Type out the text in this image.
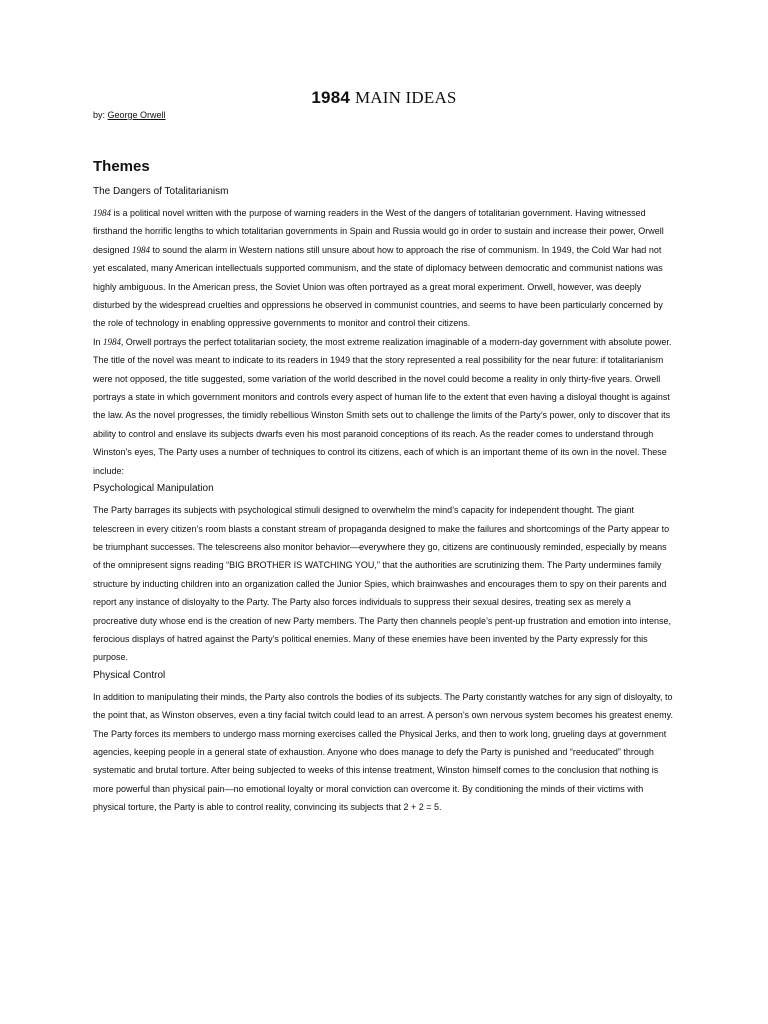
1984 MAIN IDEAS

by: George Orwell

Themes

The Dangers of Totalitarianism

1984 is a political novel written with the purpose of warning readers in the West of the dangers of totalitarian government. Having witnessed firsthand the horrific lengths to which totalitarian governments in Spain and Russia would go in order to sustain and increase their power, Orwell designed 1984 to sound the alarm in Western nations still unsure about how to approach the rise of communism. In 1949, the Cold War had not yet escalated, many American intellectuals supported communism, and the state of diplomacy between democratic and communist nations was highly ambiguous. In the American press, the Soviet Union was often portrayed as a great moral experiment. Orwell, however, was deeply disturbed by the widespread cruelties and oppressions he observed in communist countries, and seems to have been particularly concerned by the role of technology in enabling oppressive governments to monitor and control their citizens.

In 1984, Orwell portrays the perfect totalitarian society, the most extreme realization imaginable of a modern-day government with absolute power. The title of the novel was meant to indicate to its readers in 1949 that the story represented a real possibility for the near future: if totalitarianism were not opposed, the title suggested, some variation of the world described in the novel could become a reality in only thirty-five years. Orwell portrays a state in which government monitors and controls every aspect of human life to the extent that even having a disloyal thought is against the law. As the novel progresses, the timidly rebellious Winston Smith sets out to challenge the limits of the Party’s power, only to discover that its ability to control and enslave its subjects dwarfs even his most paranoid conceptions of its reach. As the reader comes to understand through Winston’s eyes, The Party uses a number of techniques to control its citizens, each of which is an important theme of its own in the novel. These include:

Psychological Manipulation

The Party barrages its subjects with psychological stimuli designed to overwhelm the mind’s capacity for independent thought. The giant telescreen in every citizen’s room blasts a constant stream of propaganda designed to make the failures and shortcomings of the Party appear to be triumphant successes. The telescreens also monitor behavior—everywhere they go, citizens are continuously reminded, especially by means of the omnipresent signs reading “BIG BROTHER IS WATCHING YOU,” that the authorities are scrutinizing them. The Party undermines family structure by inducting children into an organization called the Junior Spies, which brainwashes and encourages them to spy on their parents and report any instance of disloyalty to the Party. The Party also forces individuals to suppress their sexual desires, treating sex as merely a procreative duty whose end is the creation of new Party members. The Party then channels people’s pent-up frustration and emotion into intense, ferocious displays of hatred against the Party’s political enemies. Many of these enemies have been invented by the Party expressly for this purpose.

Physical Control

In addition to manipulating their minds, the Party also controls the bodies of its subjects. The Party constantly watches for any sign of disloyalty, to the point that, as Winston observes, even a tiny facial twitch could lead to an arrest. A person’s own nervous system becomes his greatest enemy. The Party forces its members to undergo mass morning exercises called the Physical Jerks, and then to work long, grueling days at government agencies, keeping people in a general state of exhaustion. Anyone who does manage to defy the Party is punished and “reeducated” through systematic and brutal torture. After being subjected to weeks of this intense treatment, Winston himself comes to the conclusion that nothing is more powerful than physical pain—no emotional loyalty or moral conviction can overcome it. By conditioning the minds of their victims with physical torture, the Party is able to control reality, convincing its subjects that 2 + 2 = 5.
